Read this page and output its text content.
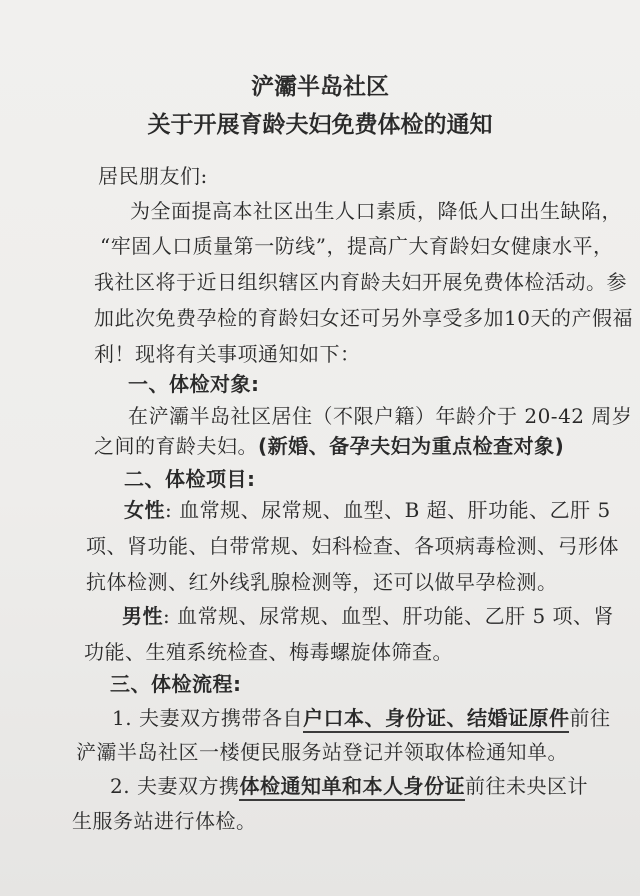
浐灞半岛社区
关于开展育龄夫妇免费体检的通知
居民朋友们:
为全面提高本社区出生人口素质，降低人口出生缺陷，
“牢固人口质量第一防线”，提高广大育龄妇女健康水平，
我社区将于近日组织辖区内育龄夫妇开展免费体检活动。参
加此次免费孕检的育龄妇女还可另外享受多加10天的产假福
利！现将有关事项通知如下：
一、体检对象:
在浐灞半岛社区居住（不限户籍）年龄介于 20-42 周岁
之间的育龄夫妇。(新婚、备孕夫妇为重点检查对象)
二、体检项目:
女性: 血常规、尿常规、血型、B 超、肝功能、乙肝 5
项、肾功能、白带常规、妇科检查、各项病毒检测、弓形体
抗体检测、红外线乳腺检测等，还可以做早孕检测。
男性: 血常规、尿常规、血型、肝功能、乙肝 5 项、肾
功能、生殖系统检查、梅毒螺旋体筛查。
三、体检流程:
1. 夫妻双方携带各自户口本、身份证、结婚证原件前往
浐灞半岛社区一楼便民服务站登记并领取体检通知单。
2. 夫妻双方携体检通知单和本人身份证前往未央区计
生服务站进行体检。
